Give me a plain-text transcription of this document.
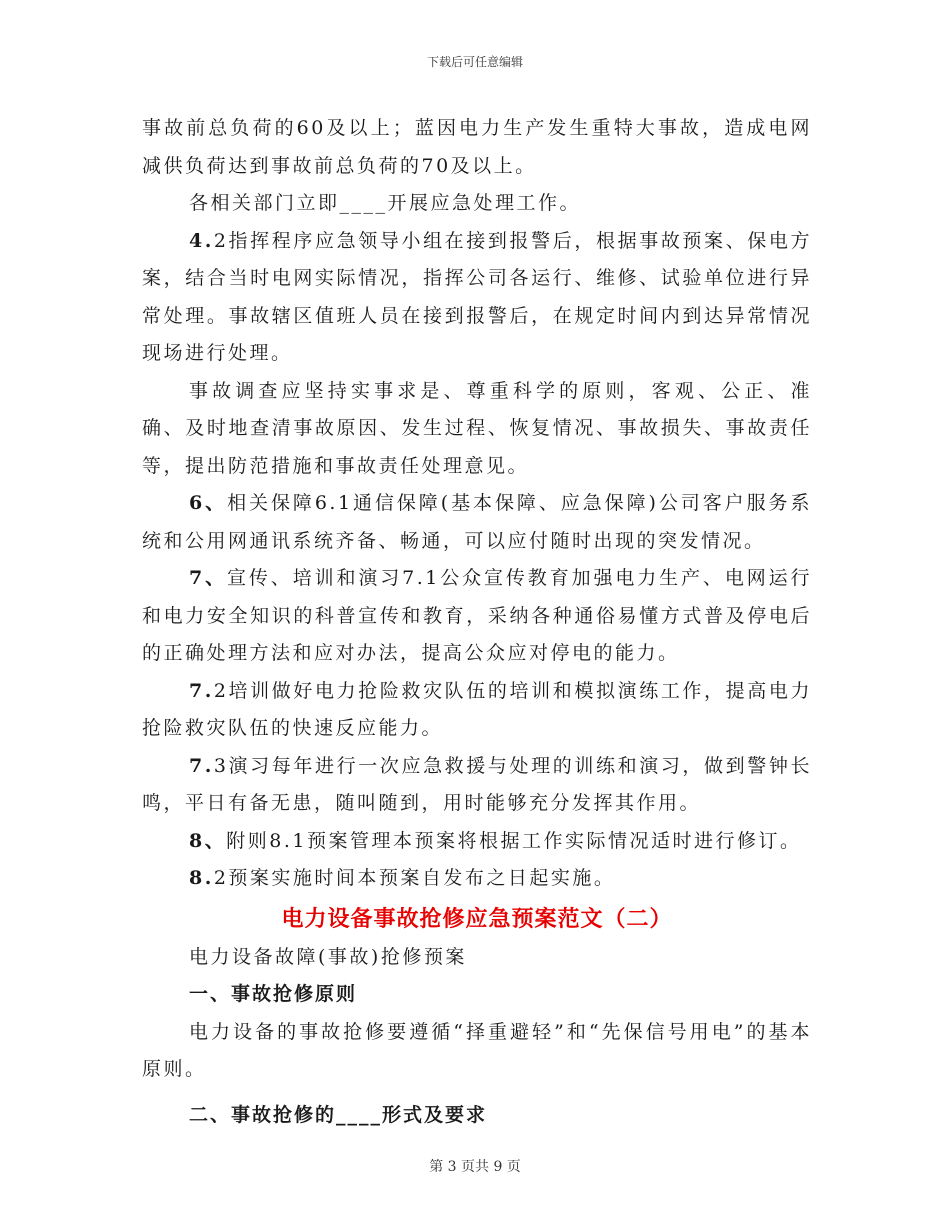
下载后可任意编辑

事故前总负荷的60及以上；蓝因电力生产发生重特大事故，造成电网减供负荷达到事故前总负荷的70及以上。

各相关部门立即____开展应急处理工作。

4.2指挥程序应急领导小组在接到报警后，根据事故预案、保电方案，结合当时电网实际情况，指挥公司各运行、维修、试验单位进行异常处理。事故辖区值班人员在接到报警后，在规定时间内到达异常情况现场进行处理。

事故调查应坚持实事求是、尊重科学的原则，客观、公正、准确、及时地查清事故原因、发生过程、恢复情况、事故损失、事故责任等，提出防范措施和事故责任处理意见。

6、相关保障6.1通信保障(基本保障、应急保障)公司客户服务系统和公用网通讯系统齐备、畅通，可以应付随时出现的突发情况。

7、宣传、培训和演习7.1公众宣传教育加强电力生产、电网运行和电力安全知识的科普宣传和教育，采纳各种通俗易懂方式普及停电后的正确处理方法和应对办法，提高公众应对停电的能力。

7.2培训做好电力抢险救灾队伍的培训和模拟演练工作，提高电力抢险救灾队伍的快速反应能力。

7.3演习每年进行一次应急救援与处理的训练和演习，做到警钟长鸣，平日有备无患，随叫随到，用时能够充分发挥其作用。

8、附则8.1预案管理本预案将根据工作实际情况适时进行修订。

8.2预案实施时间本预案自发布之日起实施。

电力设备事故抢修应急预案范文（二）

电力设备故障(事故)抢修预案

一、事故抢修原则

电力设备的事故抢修要遵循“择重避轻”和“先保信号用电”的基本原则。

二、事故抢修的____形式及要求

第 3 页共 9 页
